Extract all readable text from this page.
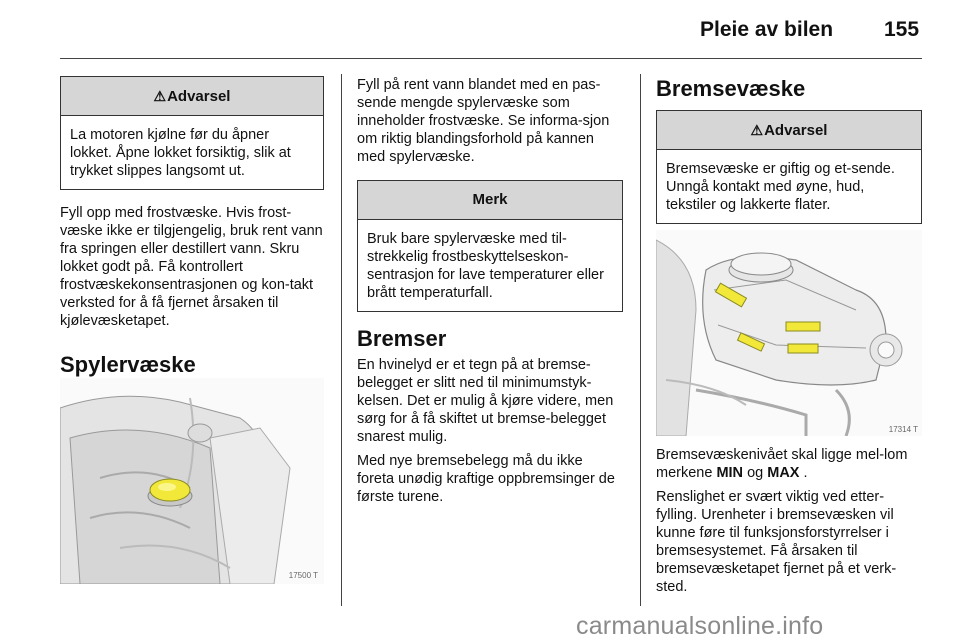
Pleie av bilen 155
⚠Advarsel
La motoren kjølne før du åpner lokket. Åpne lokket forsiktig, slik at trykket slippes langsomt ut.

Fyll opp med frostvæske. Hvis frost-væske ikke er tilgjengelig, bruk rent vann fra springen eller destillert vann. Skru lokket godt på. Få kontrollert frostvæskekonsentrasjonen og kon-takt verksted for å få fjernet årsaken til kjølevæsketapet.

Spylervæske
17500 T

Fyll på rent vann blandet med en pas-sende mengde spylervæske som inneholder frostvæske. Se informa-sjon om riktig blandingsforhold på kannen med spylervæske.

Merk
Bruk bare spylervæske med til-strekkelig frostbeskyttelseskon-sentrasjon for lave temperaturer eller brått temperaturfall.
Bremser

En hvinelyd er et tegn på at bremse-belegget er slitt ned til minimumstyk-kelsen. Det er mulig å kjøre videre, men sørg for å få skiftet ut bremse-belegget snarest mulig.

Med nye bremsebelegg må du ikke foreta unødig kraftige oppbremsinger de første turene.

Bremsevæske
⚠Advarsel
Bremsevæske er giftig og et-sende. Unngå kontakt med øyne, hud, tekstiler og lakkerte flater.
17314 T

Bremsevæskenivået skal ligge mel-lom merkene MIN og MAX .

Renslighet er svært viktig ved etter-fylling. Urenheter i bremsevæsken vil kunne føre til funksjonsforstyrrelser i bremsesystemet. Få årsaken til bremsevæsketapet fjernet på et verk-sted.

carmanualsonline.info
